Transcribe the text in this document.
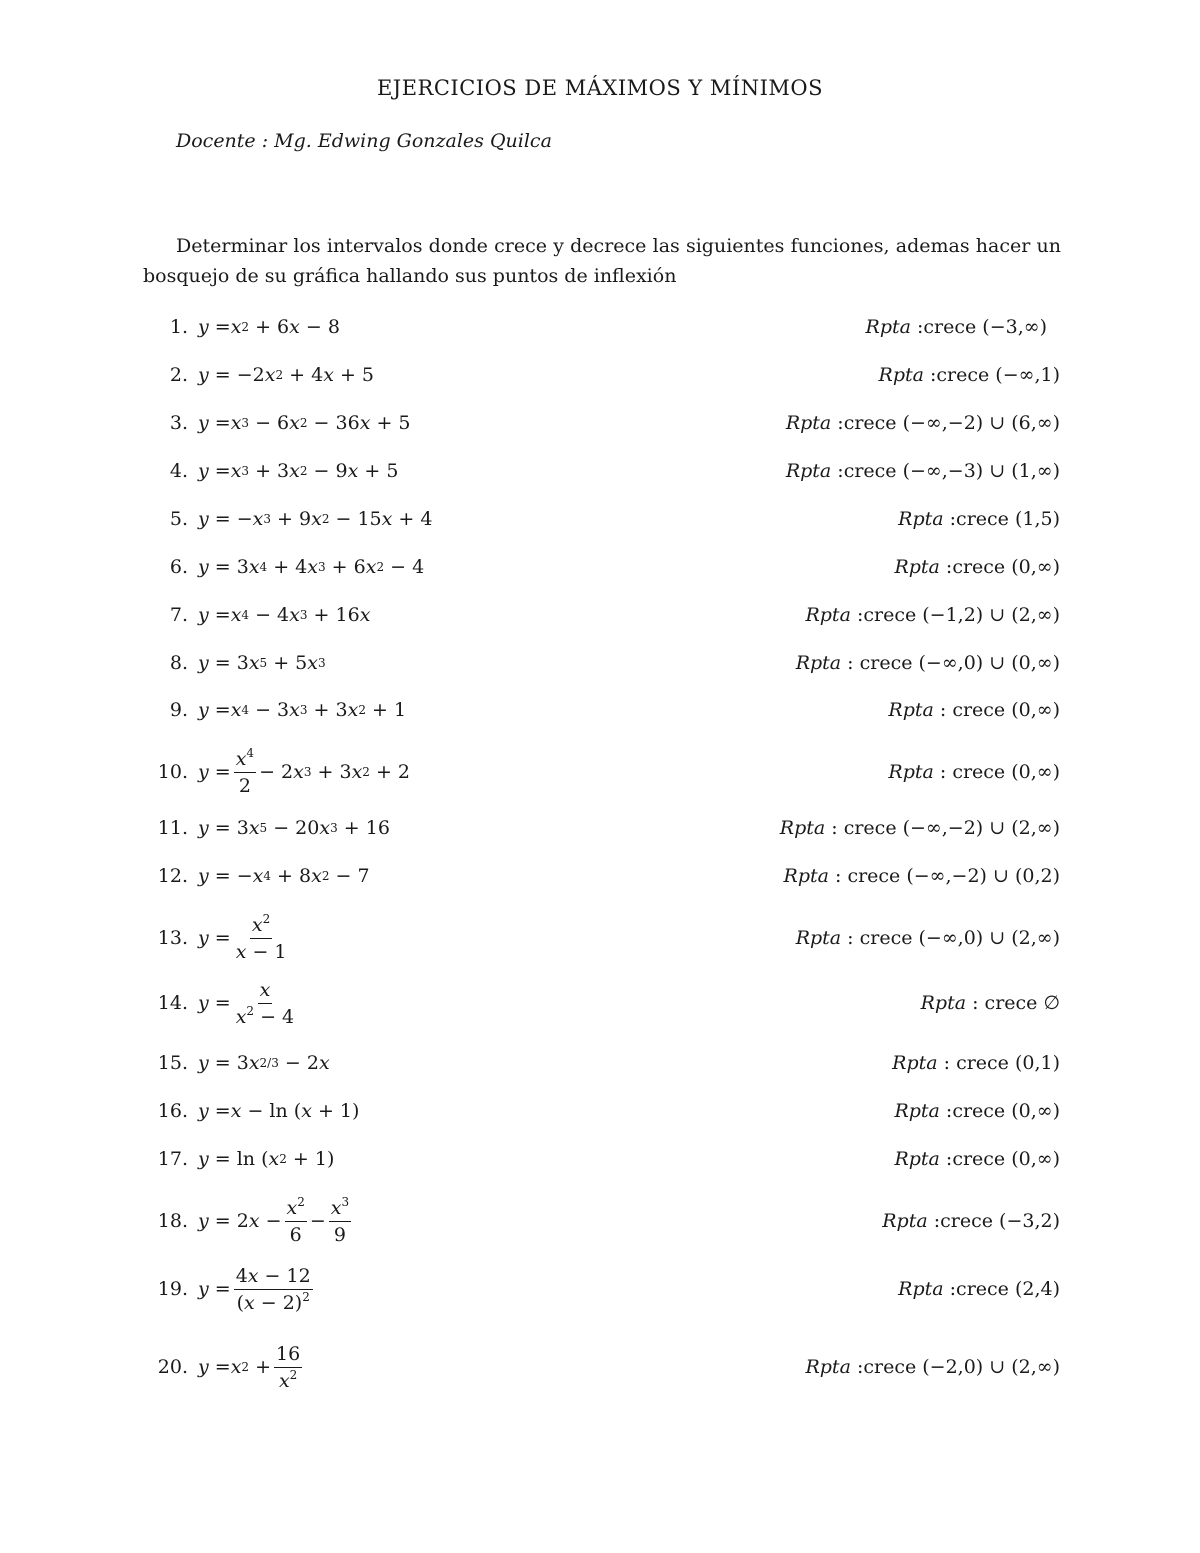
EJERCICIOS DE MÁXIMOS Y MÍNIMOS
Docente : Mg. Edwing Gonzales Quilca
Determinar los intervalos donde crece y decrece las siguientes funciones, ademas hacer un bosquejo de su gráfica hallando sus puntos de inflexión
1. y = x 2 + 6 x − 8	Rpta :crece (−3,∞)
2. y = −2 x 2 + 4 x + 5	Rpta :crece (−∞,1)
3. y = x 3 − 6 x 2 − 36 x + 5	Rpta :crece (−∞,−2) ∪ (6,∞)
4. y = x 3 + 3 x 2 − 9 x + 5	Rpta :crece (−∞,−3) ∪ (1,∞)
5. y = − x 3 + 9 x 2 − 15 x + 4	Rpta :crece (1,5)
6. y = 3 x 4 + 4 x 3 + 6 x 2 − 4	Rpta :crece (0,∞)
7. y = x 4 − 4 x 3 + 16 x	Rpta :crece (−1,2) ∪ (2,∞)
8. y = 3 x 5 + 5 x 3	Rpta : crece (−∞,0) ∪ (0,∞)
9. y = x 4 − 3 x 3 + 3 x 2 + 1	Rpta : crece (0,∞)
10. $y = \frac{x^4}{2} - 2$ x 3 + 3 x 2 + 2	Rpta : crece (0,∞)
11. y = 3 x 5 − 20 x 3 + 16	Rpta : crece (−∞,−2) ∪ (2,∞)
12. y = − x 4 + 8 x 2 − 7	Rpta : crece (−∞,−2) ∪ (0,2)
13. $y = \frac{x^2}{x - 1}$	Rpta : crece (−∞,0) ∪ (2,∞)
14. $y = \frac{x}{x^2 - 4}$	Rpta : crece ∅
15. y = 3 x 2/3 − 2 x	Rpta : crece (0,1)
16. y = x − ln ( x + 1)	Rpta :crece (0,∞)
17. y = ln ( x 2 + 1)	Rpta :crece (0,∞)
18. y = 2 $x - \frac{x^2}{6} - \frac{x^3}{9}$	Rpta :crece (−3,2)
19. $y = \frac{4x - 12}{(x - 2)^2}$	Rpta :crece (2,4)
20. y = x $2 + \frac{16}{x^2}$	Rpta :crece (−2,0) ∪ (2,∞)
